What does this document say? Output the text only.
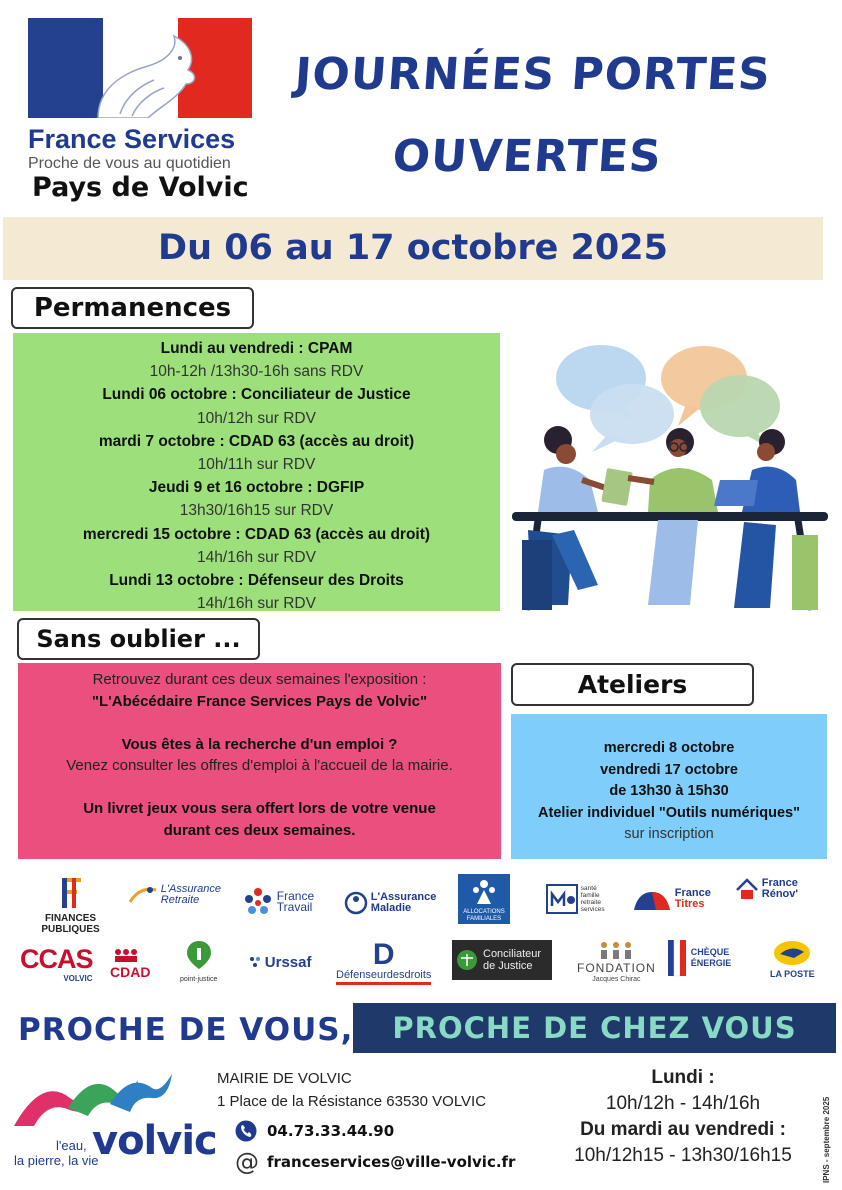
France Services
Proche de vous au quotidien
Pays de Volvic
JOURNÉES PORTES
OUVERTES
Du 06 au 17 octobre 2025
Permanences
Lundi au vendredi : CPAM
10h-12h /13h30-16h sans RDV
Lundi 06 octobre : Conciliateur de Justice
10h/12h sur RDV
mardi 7 octobre : CDAD 63 (accès au droit)
10h/11h sur RDV
Jeudi 9 et 16 octobre : DGFIP
13h30/16h15 sur RDV
mercredi 15 octobre : CDAD 63 (accès au droit)
14h/16h sur RDV
Lundi 13 octobre : Défenseur des Droits
14h/16h sur RDV
Sans oublier ...
Retrouvez durant ces deux semaines l'exposition :
"L'Abécédaire France Services Pays de Volvic"
Vous êtes à la recherche d'un emploi ?
Venez consulter les offres d'emploi à l'accueil de la mairie.
Un livret jeux vous sera offert lors de votre venue
durant ces deux semaines.
Ateliers
mercredi 8 octobre
vendredi 17 octobre
de 13h30 à 15h30
Atelier individuel "Outils numériques"
sur inscription
FINANCES PUBLIQUES
L'Assurance
Retraite	France
Travail
L'Assurance
Maladie	ALLOCATIONS FAMILIALES
santé
famille
retraite
services
France
Titres
France
Rénov'
CCAS
VOLVIC CDAD	point-justice
Urssaf	D
Défenseurdesdroits
Conciliateur
de Justice	FONDATION
Jacques Chirac
CHÈQUE
ÉNERGIE
LA POSTE
PROCHE DE VOUS,	PROCHE DE CHEZ VOUS
volvic
l'eau,
la pierre, la vie
MAIRIE DE VOLVIC
1 Place de la Résistance 63530 VOLVIC
04.73.33.44.90
@ franceservices@ville-volvic.fr
Lundi :
10h/12h - 14h/16h
Du mardi au vendredi :
10h/12h15 - 13h30/16h15	IPNS - septembre 2025
